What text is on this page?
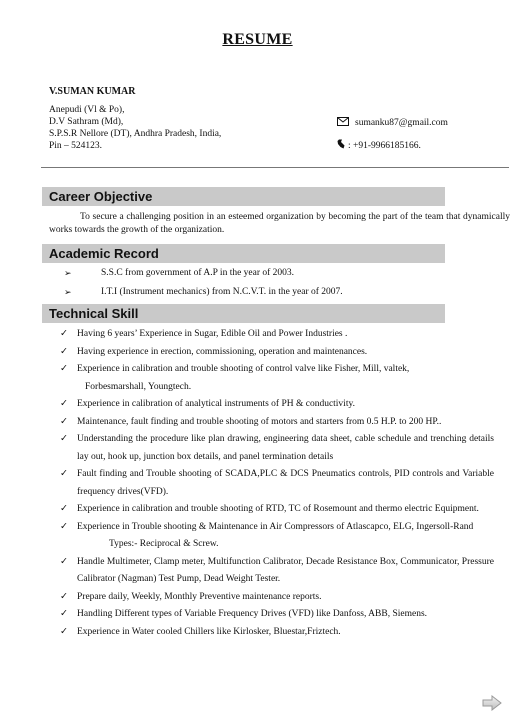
RESUME
V.SUMAN KUMAR
Anepudi (Vl & Po),
D.V Sathram (Md),
S.P.S.R Nellore (DT), Andhra Pradesh, India,
Pin – 524123.
sumanku87@gmail.com
: +91-9966185166.
Career Objective
To secure a challenging position in an esteemed organization by becoming the part of the team that dynamically works towards the growth of the organization.
Academic Record
➢	S.S.C from government of A.P in the year of 2003.
➢	I.T.I (Instrument mechanics) from N.C.V.T. in the year of 2007.
Technical Skill
✓ Having 6 years’ Experience in Sugar, Edible Oil and Power Industries .
✓ Having experience in erection, commissioning, operation and maintenances.
✓ Experience in calibration and trouble shooting of control valve like Fisher, Mill, valtek,
Forbesmarshall, Youngtech.
✓ Experience in calibration of analytical instruments of PH & conductivity.
✓ Maintenance, fault finding and trouble shooting of motors and starters from 0.5 H.P. to 200 HP..
✓ Understanding the procedure like plan drawing, engineering data sheet, cable schedule and trenching details lay out, hook up, junction box details, and panel termination details
✓ Fault finding and Trouble shooting of SCADA,PLC & DCS Pneumatics controls, PID controls and Variable frequency drives(VFD).
✓ Experience in calibration and trouble shooting of RTD, TC of Rosemount and thermo electric Equipment.
✓ Experience in Trouble shooting & Maintenance in Air Compressors of Atlascapco, ELG, Ingersoll-Rand
Types:- Reciprocal & Screw.
✓ Handle Multimeter, Clamp meter, Multifunction Calibrator, Decade Resistance Box, Communicator, Pressure Calibrator (Nagman) Test Pump, Dead Weight Tester.
✓ Prepare daily, Weekly, Monthly Preventive maintenance reports.
✓ Handling Different types of Variable Frequency Drives (VFD) like Danfoss, ABB, Siemens.
✓ Experience in Water cooled Chillers like Kirlosker, Bluestar,Friztech.
